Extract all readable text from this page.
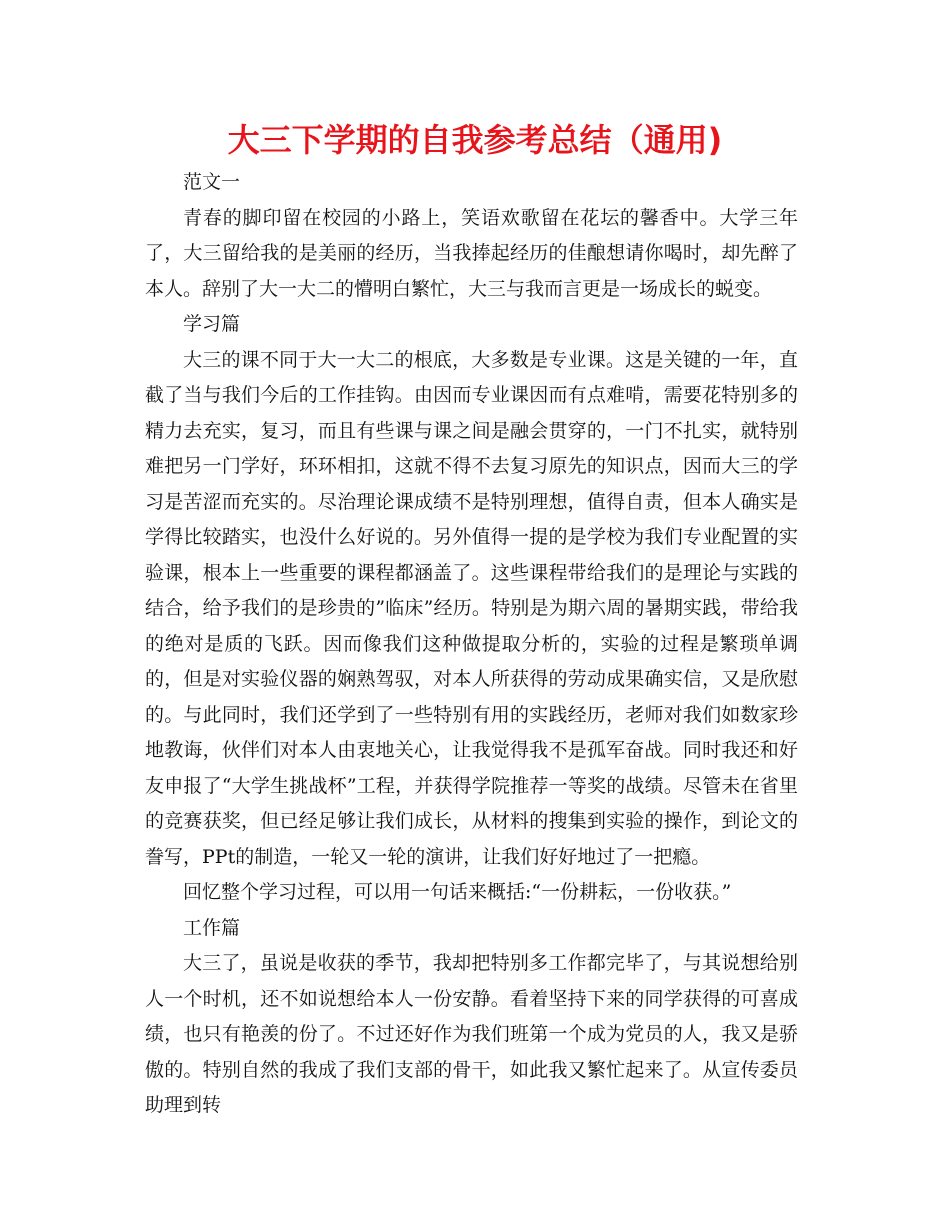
大三下学期的自我参考总结（通用)

范文一

青春的脚印留在校园的小路上，笑语欢歌留在花坛的馨香中。大学三年了，大三留给我的是美丽的经历，当我捧起经历的佳酿想请你喝时，却先醉了本人。辞别了大一大二的懵明白繁忙，大三与我而言更是一场成长的蜕变。

学习篇

大三的课不同于大一大二的根底，大多数是专业课。这是关键的一年，直截了当与我们今后的工作挂钩。由因而专业课因而有点难啃，需要花特别多的精力去充实，复习，而且有些课与课之间是融会贯穿的，一门不扎实，就特别难把另一门学好，环环相扣，这就不得不去复习原先的知识点，因而大三的学习是苦涩而充实的。尽治理论课成绩不是特别理想，值得自责，但本人确实是学得比较踏实，也没什么好说的。另外值得一提的是学校为我们专业配置的实验课，根本上一些重要的课程都涵盖了。这些课程带给我们的是理论与实践的结合，给予我们的是珍贵的”临床”经历。特别是为期六周的暑期实践，带给我的绝对是质的飞跃。因而像我们这种做提取分析的，实验的过程是繁琐单调的，但是对实验仪器的娴熟驾驭，对本人所获得的劳动成果确实信，又是欣慰的。与此同时，我们还学到了一些特别有用的实践经历，老师对我们如数家珍地教诲，伙伴们对本人由衷地关心，让我觉得我不是孤军奋战。同时我还和好友申报了“大学生挑战杯”工程，并获得学院推荐一等奖的战绩。尽管未在省里的竞赛获奖，但已经足够让我们成长，从材料的搜集到实验的操作，到论文的誊写，PPt的制造，一轮又一轮的演讲，让我们好好地过了一把瘾。

回忆整个学习过程，可以用一句话来概括:“一份耕耘，一份收获。”

工作篇

大三了，虽说是收获的季节，我却把特别多工作都完毕了，与其说想给别人一个时机，还不如说想给本人一份安静。看着坚持下来的同学获得的可喜成绩，也只有艳羡的份了。不过还好作为我们班第一个成为党员的人，我又是骄傲的。特别自然的我成了我们支部的骨干，如此我又繁忙起来了。从宣传委员助理到转
